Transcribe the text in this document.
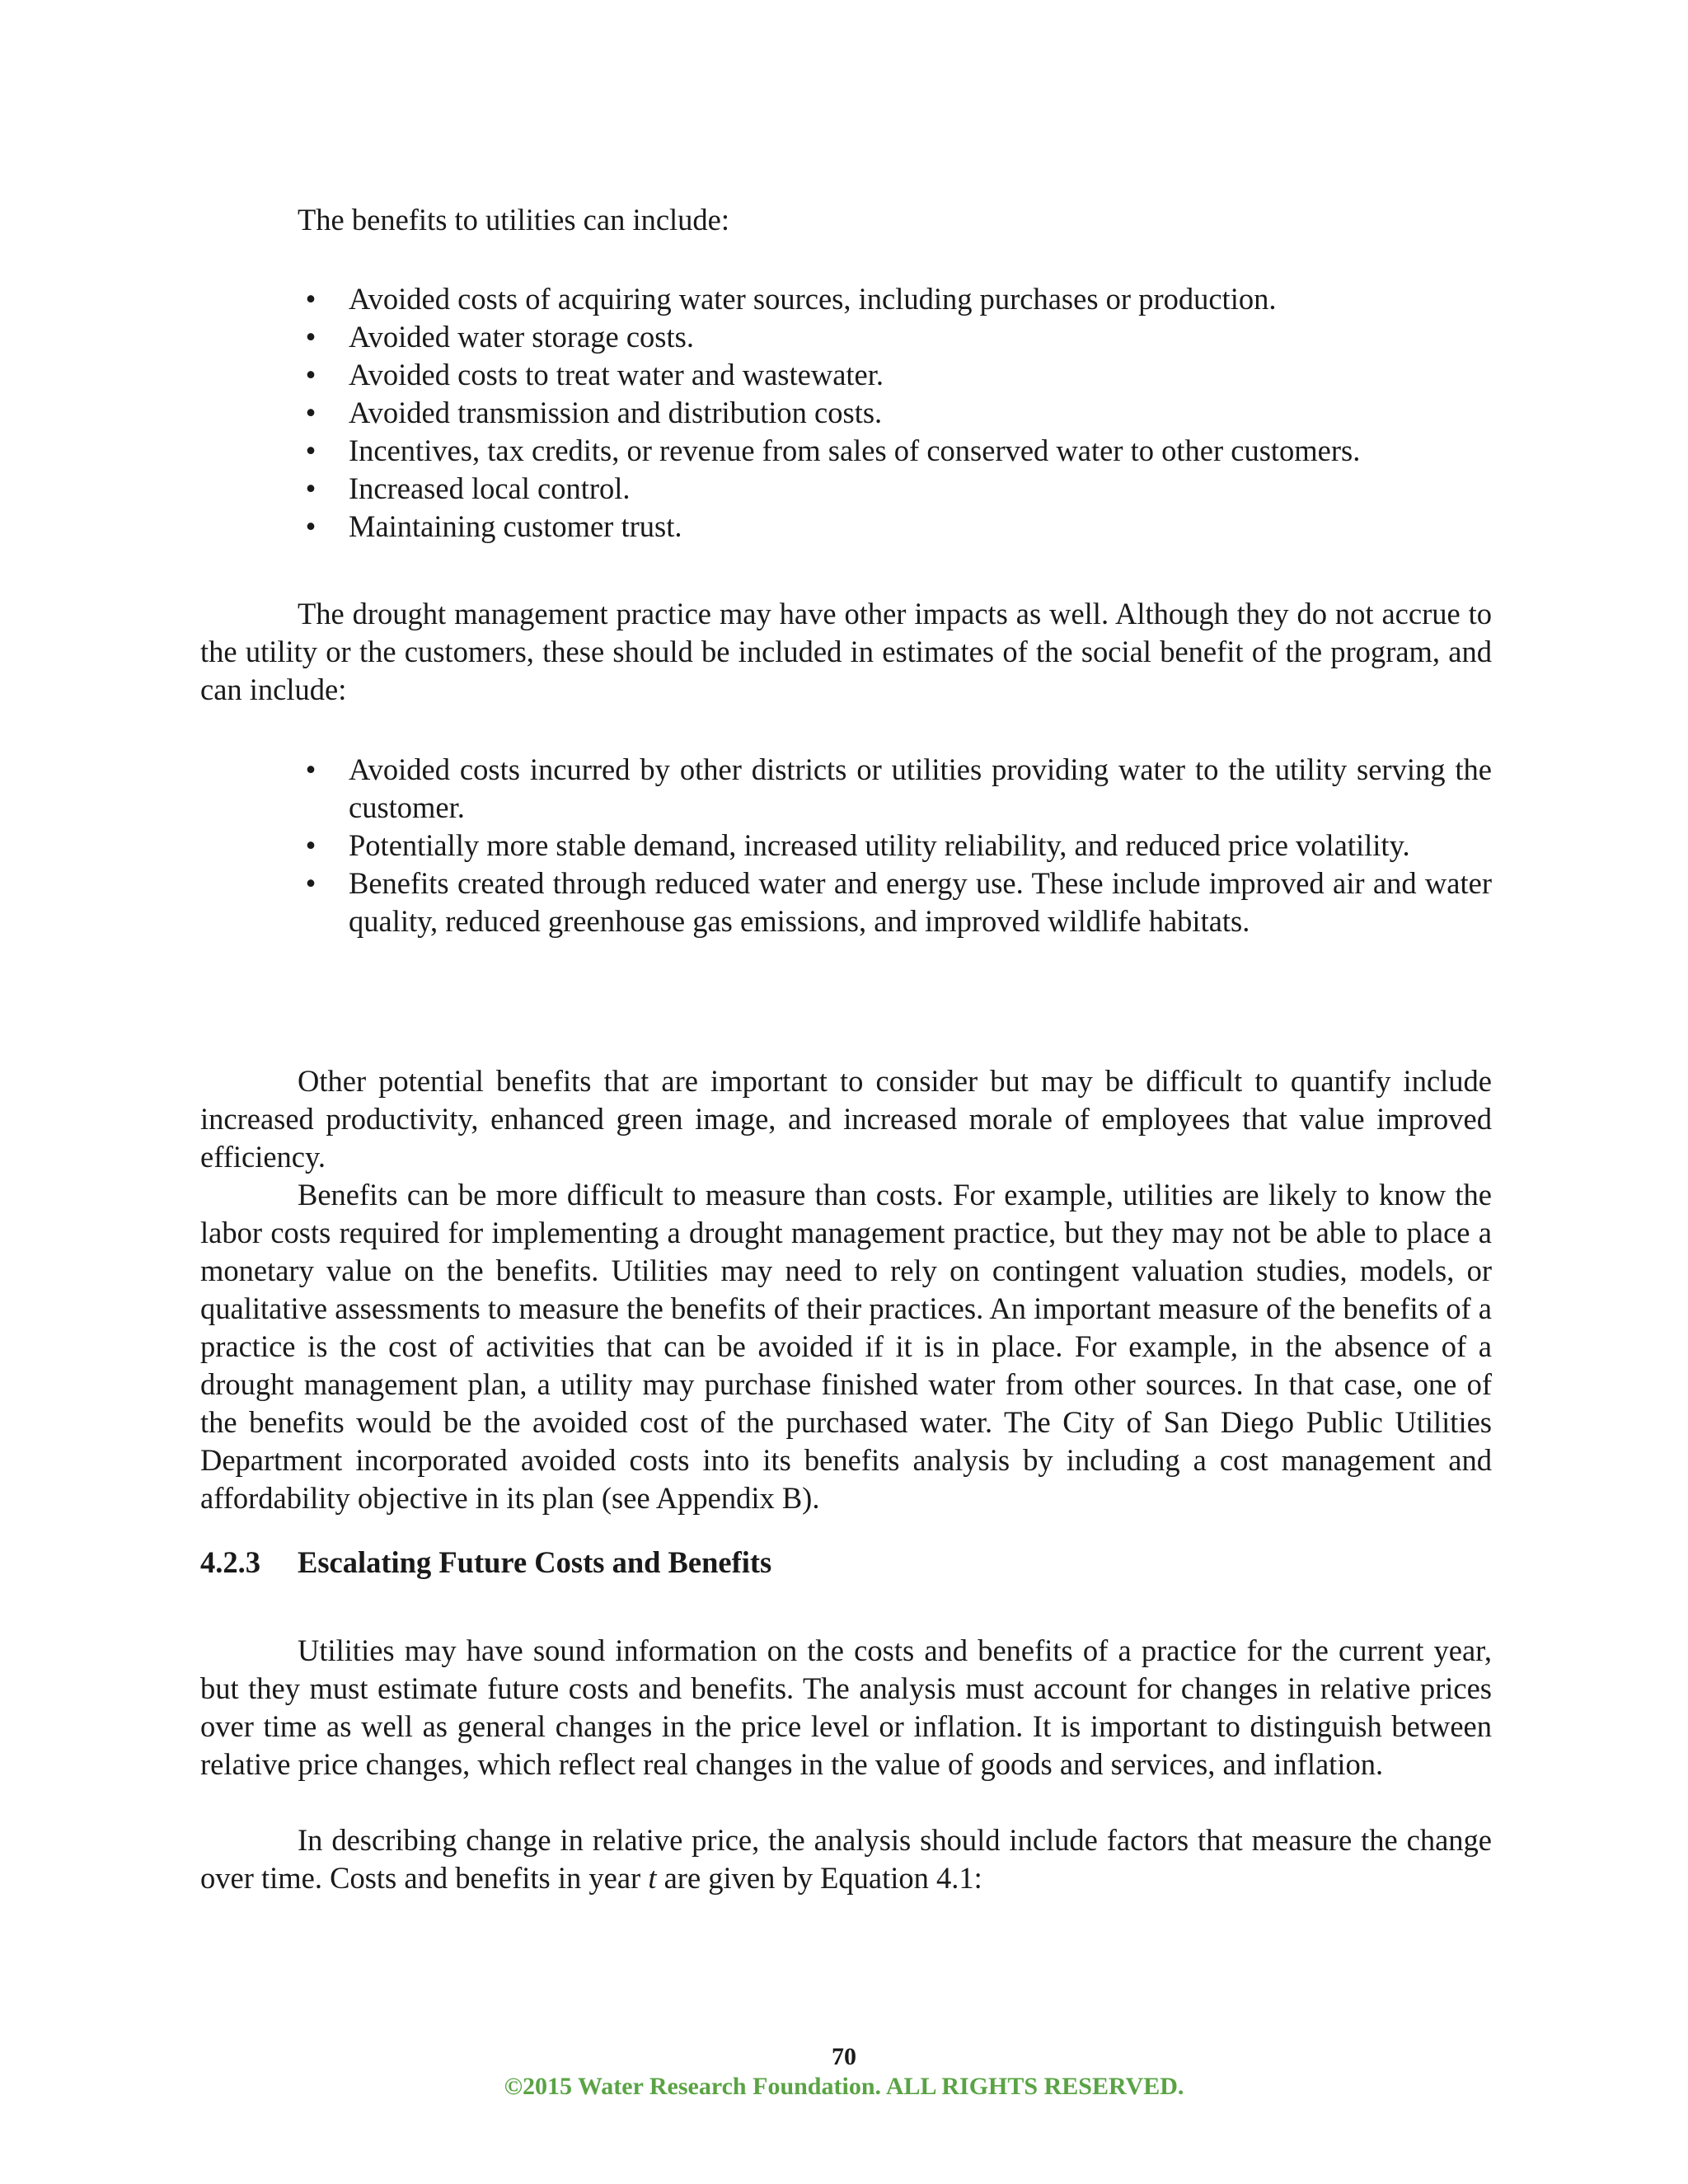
The benefits to utilities can include:

• Avoided costs of acquiring water sources, including purchases or production.
• Avoided water storage costs.
• Avoided costs to treat water and wastewater.
• Avoided transmission and distribution costs.
• Incentives, tax credits, or revenue from sales of conserved water to other customers.
• Increased local control.
• Maintaining customer trust.

The drought management practice may have other impacts as well. Although they do not accrue to the utility or the customers, these should be included in estimates of the social benefit of the program, and can include:

• Avoided costs incurred by other districts or utilities providing water to the utility serving the customer.
• Potentially more stable demand, increased utility reliability, and reduced price volatility.
• Benefits created through reduced water and energy use. These include improved air and water quality, reduced greenhouse gas emissions, and improved wildlife habitats.

Other potential benefits that are important to consider but may be difficult to quantify include increased productivity, enhanced green image, and increased morale of employees that value improved efficiency.

Benefits can be more difficult to measure than costs. For example, utilities are likely to know the labor costs required for implementing a drought management practice, but they may not be able to place a monetary value on the benefits. Utilities may need to rely on contingent valuation studies, models, or qualitative assessments to measure the benefits of their practices. An important measure of the benefits of a practice is the cost of activities that can be avoided if it is in place. For example, in the absence of a drought management plan, a utility may purchase finished water from other sources. In that case, one of the benefits would be the avoided cost of the purchased water. The City of San Diego Public Utilities Department incorporated avoided costs into its benefits analysis by including a cost management and affordability objective in its plan (see Appendix B).

4.2.3 Escalating Future Costs and Benefits

Utilities may have sound information on the costs and benefits of a practice for the current year, but they must estimate future costs and benefits. The analysis must account for changes in relative prices over time as well as general changes in the price level or inflation. It is important to distinguish between relative price changes, which reflect real changes in the value of goods and services, and inflation.

In describing change in relative price, the analysis should include factors that measure the change over time. Costs and benefits in year t are given by Equation 4.1:

70
©2015 Water Research Foundation. ALL RIGHTS RESERVED.
